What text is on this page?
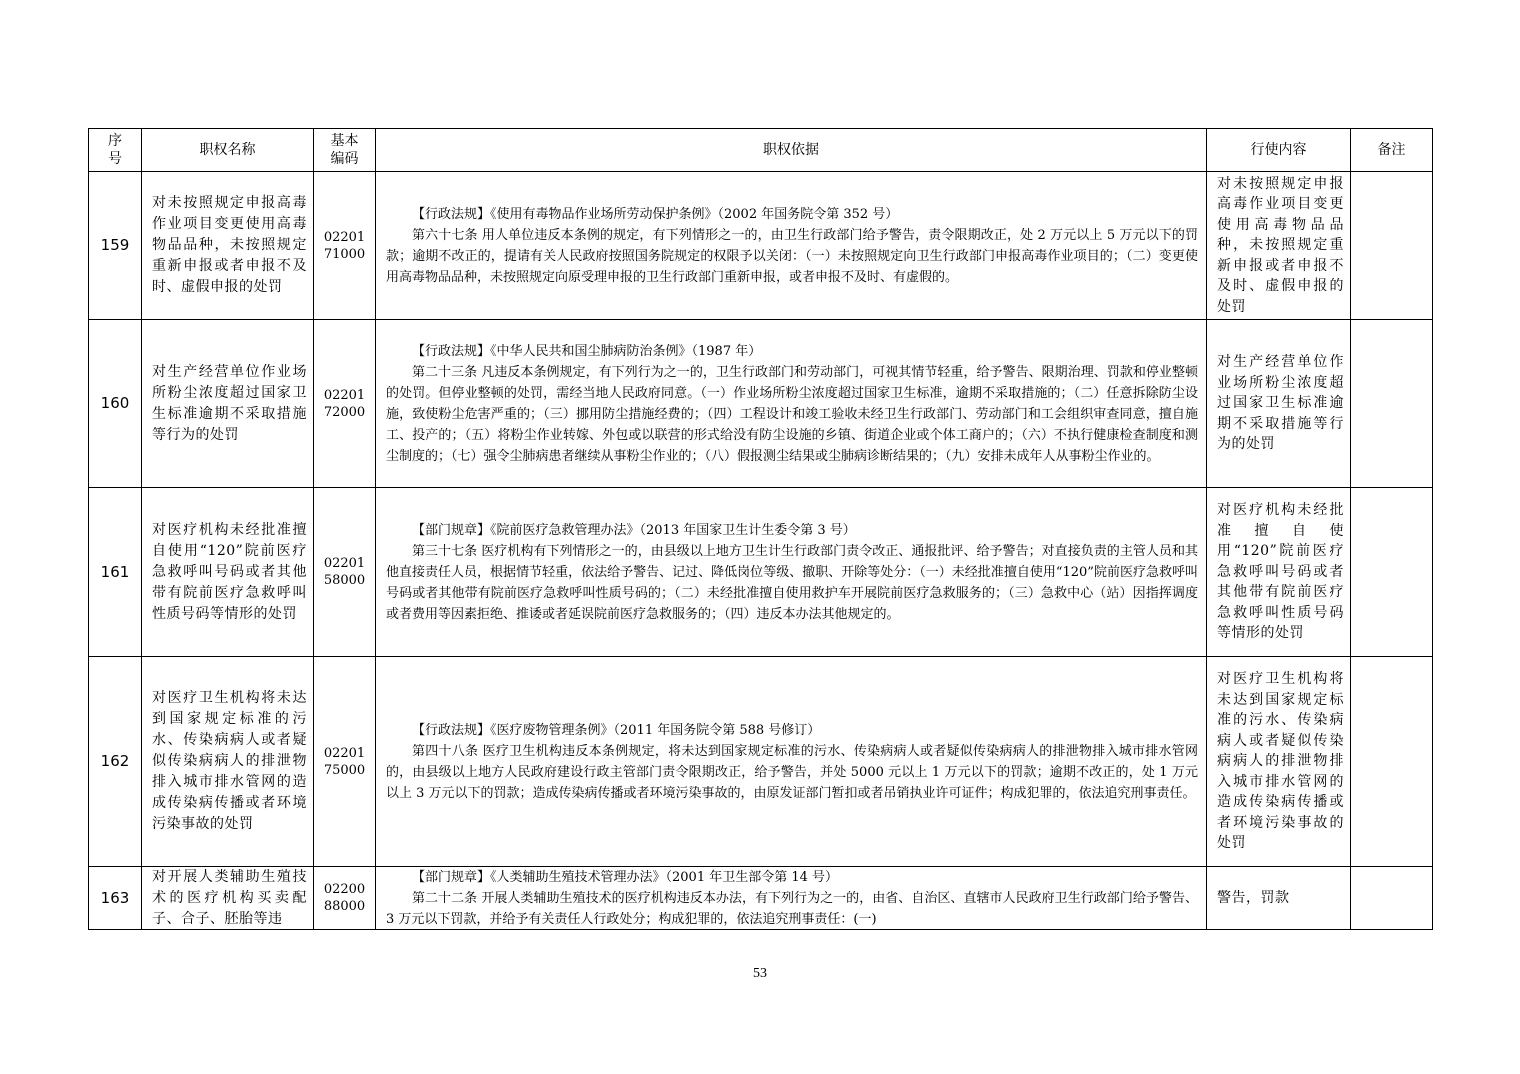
序号	职权名称	基本编码	职权依据	行使内容	备注
159	对未按照规定申报高毒作业项目变更使用高毒物品品种，未按照规定重新申报或者申报不及时、虚假申报的处罚	0220171000	【行政法规】《使用有毒物品作业场所劳动保护条例》（2002 年国务院令第 352 号）

第六十七条 用人单位违反本条例的规定，有下列情形之一的，由卫生行政部门给予警告，责令限期改正，处 2 万元以上 5 万元以下的罚款；逾期不改正的，提请有关人民政府按照国务院规定的权限予以关闭：（一）未按照规定向卫生行政部门申报高毒作业项目的；（二）变更使用高毒物品品种，未按照规定向原受理申报的卫生行政部门重新申报，或者申报不及时、有虚假的。	对未按照规定申报高毒作业项目变更使用高毒物品品种，未按照规定重新申报或者申报不及时、虚假申报的处罚	
160	对生产经营单位作业场所粉尘浓度超过国家卫生标准逾期不采取措施等行为的处罚	0220172000	【行政法规】《中华人民共和国尘肺病防治条例》（1987 年）

第二十三条 凡违反本条例规定，有下列行为之一的，卫生行政部门和劳动部门，可视其情节轻重，给予警告、限期治理、罚款和停业整顿的处罚。但停业整顿的处罚，需经当地人民政府同意。（一）作业场所粉尘浓度超过国家卫生标准，逾期不采取措施的；（二）任意拆除防尘设施，致使粉尘危害严重的；（三）挪用防尘措施经费的；（四）工程设计和竣工验收未经卫生行政部门、劳动部门和工会组织审查同意，擅自施工、投产的；（五）将粉尘作业转嫁、外包或以联营的形式给没有防尘设施的乡镇、街道企业或个体工商户的；（六）不执行健康检查制度和测尘制度的；（七）强令尘肺病患者继续从事粉尘作业的；（八）假报测尘结果或尘肺病诊断结果的；（九）安排未成年人从事粉尘作业的。	对生产经营单位作业场所粉尘浓度超过国家卫生标准逾期不采取措施等行为的处罚	
161	对医疗机构未经批准擅自使用“120”院前医疗急救呼叫号码或者其他带有院前医疗急救呼叫性质号码等情形的处罚	0220158000	【部门规章】《院前医疗急救管理办法》（2013 年国家卫生计生委令第 3 号）

第三十七条 医疗机构有下列情形之一的，由县级以上地方卫生计生行政部门责令改正、通报批评、给予警告；对直接负责的主管人员和其他直接责任人员，根据情节轻重，依法给予警告、记过、降低岗位等级、撤职、开除等处分：（一）未经批准擅自使用“120”院前医疗急救呼叫号码或者其他带有院前医疗急救呼叫性质号码的；（二）未经批准擅自使用救护车开展院前医疗急救服务的；（三）急救中心（站）因指挥调度或者费用等因素拒绝、推诿或者延误院前医疗急救服务的；（四）违反本办法其他规定的。	对医疗机构未经批准擅自使用“120”院前医疗急救呼叫号码或者其他带有院前医疗急救呼叫性质号码等情形的处罚	
162	对医疗卫生机构将未达到国家规定标准的污水、传染病病人或者疑似传染病病人的排泄物排入城市排水管网的造成传染病传播或者环境污染事故的处罚	0220175000	【行政法规】《医疗废物管理条例》（2011 年国务院令第 588 号修订）

第四十八条 医疗卫生机构违反本条例规定，将未达到国家规定标准的污水、传染病病人或者疑似传染病病人的排泄物排入城市排水管网的，由县级以上地方人民政府建设行政主管部门责令限期改正，给予警告，并处 5000 元以上 1 万元以下的罚款；逾期不改正的，处 1 万元以上 3 万元以下的罚款；造成传染病传播或者环境污染事故的，由原发证部门暂扣或者吊销执业许可证件；构成犯罪的，依法追究刑事责任。	对医疗卫生机构将未达到国家规定标准的污水、传染病病人或者疑似传染病病人的排泄物排入城市排水管网的造成传染病传播或者环境污染事故的处罚	
163	对开展人类辅助生殖技术的医疗机构买卖配子、合子、胚胎等违	0220088000	【部门规章】《人类辅助生殖技术管理办法》（2001 年卫生部令第 14 号）

第二十二条 开展人类辅助生殖技术的医疗机构违反本办法，有下列行为之一的，由省、自治区、直辖市人民政府卫生行政部门给予警告、3 万元以下罚款，并给予有关责任人行政处分；构成犯罪的，依法追究刑事责任：(一)	警告，罚款	
53
